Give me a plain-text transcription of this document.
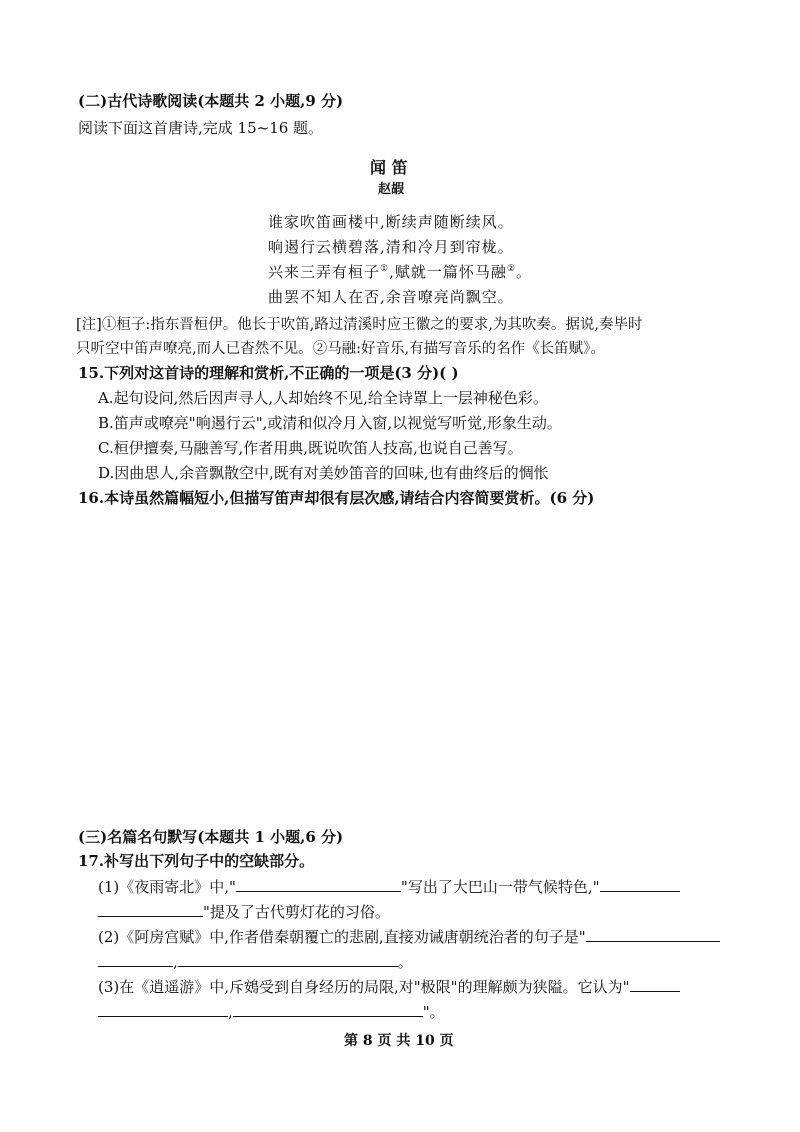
(二)古代诗歌阅读(本题共 2 小题,9 分)
阅读下面这首唐诗,完成 15~16 题。
闻 笛
赵嘏
谁家吹笛画楼中,断续声随断续风。
响遏行云横碧落,清和冷月到帘栊。
兴来三弄有桓子①,赋就一篇怀马融②。
曲罢不知人在否,余音嘹亮尚飘空。
[注]①桓子:指东晋桓伊。他长于吹笛,路过清溪时应王徽之的要求,为其吹奏。据说,奏毕时
只听空中笛声嘹亮,而人已杳然不见。②马融:好音乐,有描写音乐的名作《长笛赋》。
15.下列对这首诗的理解和赏析,不正确的一项是(3 分)( )
A.起句设问,然后因声寻人,人却始终不见,给全诗罩上一层神秘色彩。
B.笛声或嘹亮"响遏行云",或清和似冷月入窗,以视觉写听觉,形象生动。
C.桓伊擅奏,马融善写,作者用典,既说吹笛人技高,也说自己善写。
D.因曲思人,余音飘散空中,既有对美妙笛音的回味,也有曲终后的惆怅
16.本诗虽然篇幅短小,但描写笛声却很有层次感,请结合内容简要赏析。(6 分)
(三)名篇名句默写(本题共 1 小题,6 分)
17.补写出下列句子中的空缺部分。
(1)《夜雨寄北》中,"	"写出了大巴山一带气候特色,"
"提及了古代剪灯花的习俗。
(2)《阿房宫赋》中,作者借秦朝覆亡的悲剧,直接劝诫唐朝统治者的句子是"
,	。
(3)在《逍遥游》中,斥鴳受到自身经历的局限,对"极限"的理解颇为狭隘。它认为"
,	"。
第 8 页 共 10 页
